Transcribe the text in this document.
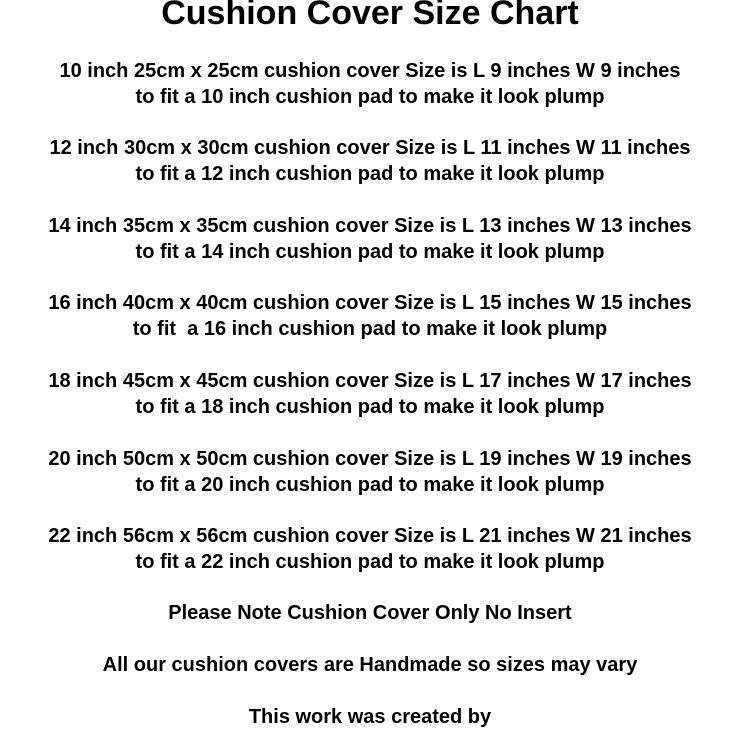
Cushion Cover Size Chart
10 inch 25cm x 25cm cushion cover Size is L 9 inches W 9 inches
to fit a 10 inch cushion pad to make it look plump
12 inch 30cm x 30cm cushion cover Size is L 11 inches W 11 inches
to fit a 12 inch cushion pad to make it look plump
14 inch 35cm x 35cm cushion cover Size is L 13 inches W 13 inches
to fit a 14 inch cushion pad to make it look plump
16 inch 40cm x 40cm cushion cover Size is L 15 inches W 15 inches
to fit  a 16 inch cushion pad to make it look plump
18 inch 45cm x 45cm cushion cover Size is L 17 inches W 17 inches
to fit a 18 inch cushion pad to make it look plump
20 inch 50cm x 50cm cushion cover Size is L 19 inches W 19 inches
to fit a 20 inch cushion pad to make it look plump
22 inch 56cm x 56cm cushion cover Size is L 21 inches W 21 inches
to fit a 22 inch cushion pad to make it look plump
Please Note Cushion Cover Only No Insert
All our cushion covers are Handmade so sizes may vary
This work was created by
